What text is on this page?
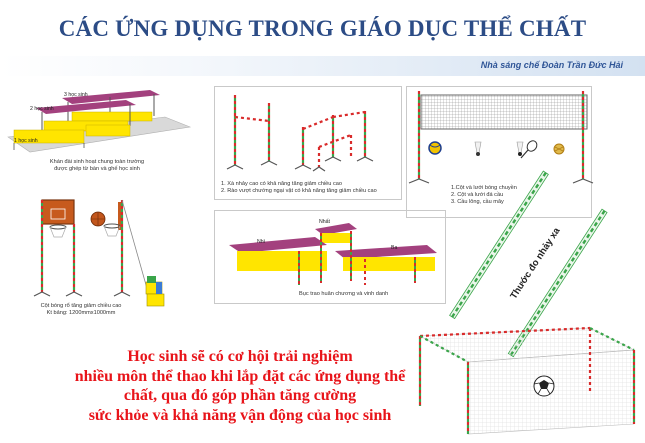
CÁC ỨNG DỤNG TRONG GIÁO DỤC THỂ CHẤT
Nhà sáng chế Đoàn Trần Đức Hải
3 học sinh
2 học sinh
1 học sinh
Khán đài sinh hoạt chung toàn trường
được ghép từ bàn và ghế học sinh
1. Xà nhảy cao có khả năng tăng giảm chiều cao
2. Rào vượt chướng ngại vật có khả năng tăng giảm chiều cao	1.Cột và lưới bóng chuyền
2. Cột và lưới đá cầu
3. Cầu lông, cầu mây
Cột bóng rổ tăng giảm chiều cao
Kt bảng: 1200mmx1000mm
Nhất
Nhì
Ba
Bục trao huân chương và vinh danh	Thước đo nhảy xa
Học sinh sẽ có cơ hội trải nghiệm
nhiều môn thể thao khi lắp đặt các ứng dụng thể
chất, qua đó góp phần tăng cường
sức khỏe và khả năng vận động của học sinh
